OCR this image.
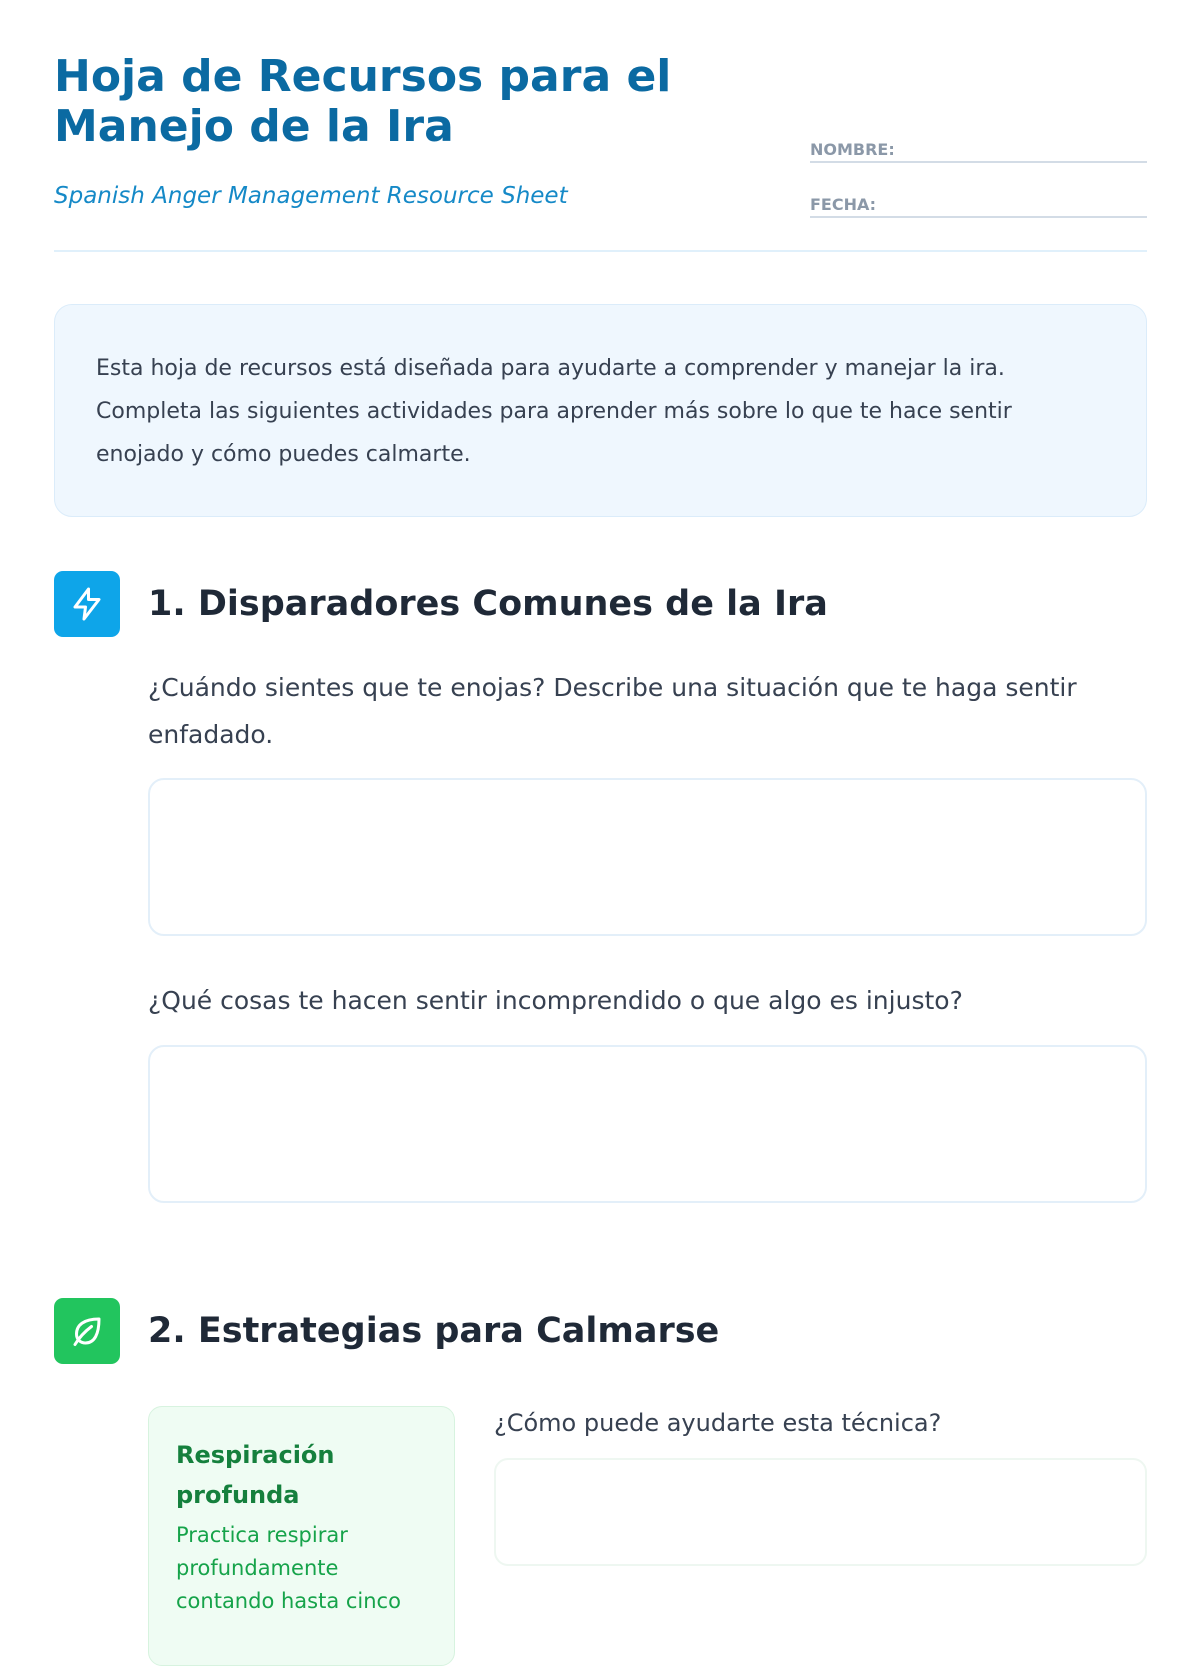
Hoja de Recursos para el Manejo de la Ira
Spanish Anger Management Resource Sheet
NOMBRE:
FECHA:
Esta hoja de recursos está diseñada para ayudarte a comprender y manejar la ira. Completa las siguientes actividades para aprender más sobre lo que te hace sentir enojado y cómo puedes calmarte.
1. Disparadores Comunes de la Ira
¿Cuándo sientes que te enojas? Describe una situación que te haga sentir enfadado.
¿Qué cosas te hacen sentir incomprendido o que algo es injusto?
2. Estrategias para Calmarse
Respiración profunda
Practica respirar profundamente contando hasta cinco
¿Cómo puede ayudarte esta técnica?
